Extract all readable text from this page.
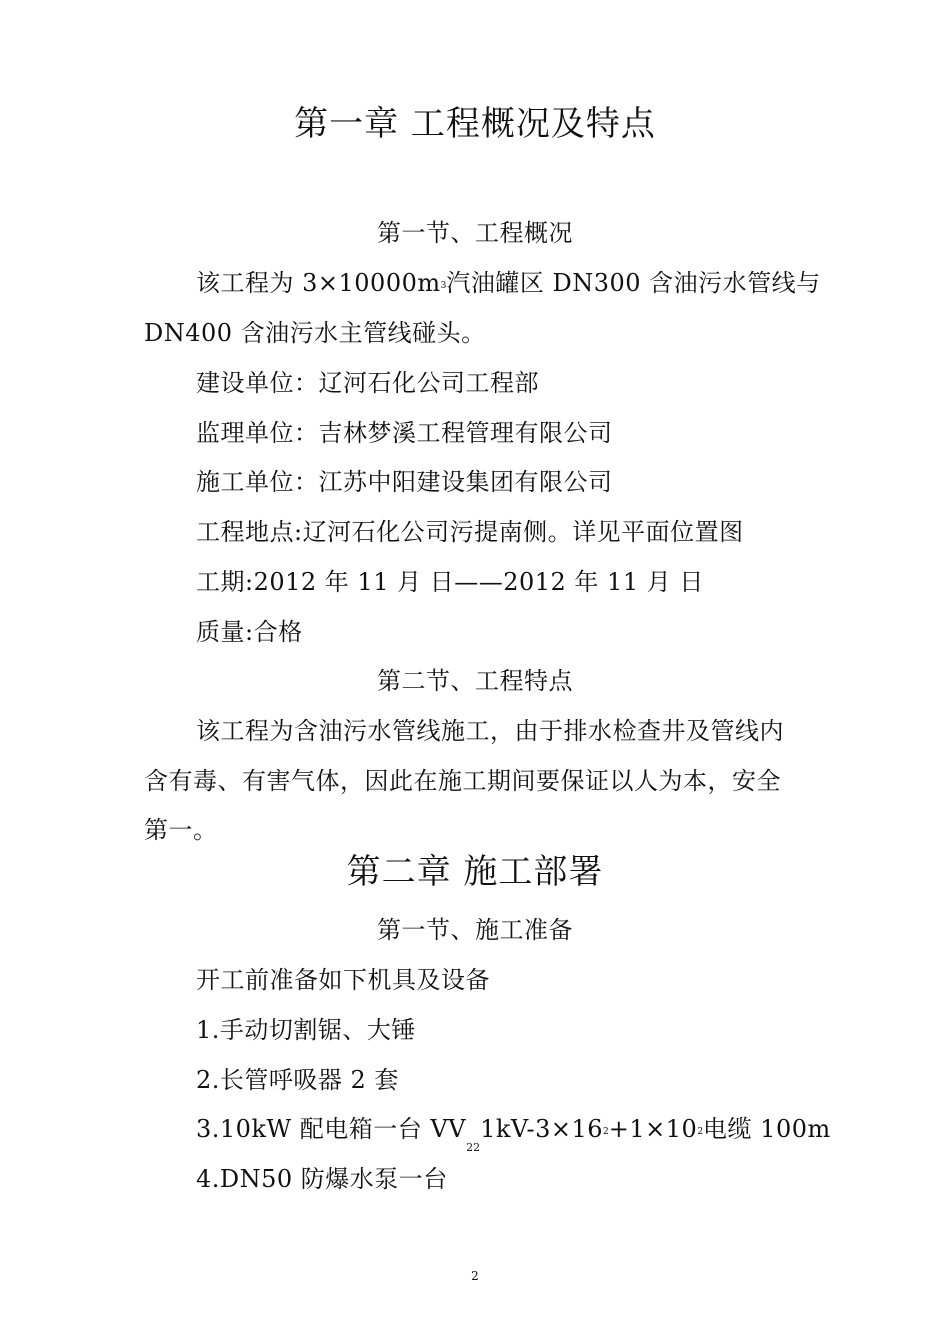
第一章 工程概况及特点
第一节、工程概况
该工程为 3×10000m3汽油罐区 DN300 含油污水管线与
DN400 含油污水主管线碰头。
建设单位：辽河石化公司工程部
监理单位：吉林梦溪工程管理有限公司
施工单位：江苏中阳建设集团有限公司
工程地点:辽河石化公司污提南侧。详见平面位置图
工期:2012 年 11 月 日——2012 年 11 月 日
质量:合格
第二节、工程特点
该工程为含油污水管线施工，由于排水检查井及管线内
含有毒、有害气体，因此在施工期间要保证以人为本，安全
第一。
第二章 施工部署
第一节、施工准备
开工前准备如下机具及设备
1.手动切割锯、大锤
2.长管呼吸器 2 套
3.10kW 配电箱一台 $VV_{22}1kV-3\times 162+1\times 102$电缆 100m
4.DN50 防爆水泵一台
2
